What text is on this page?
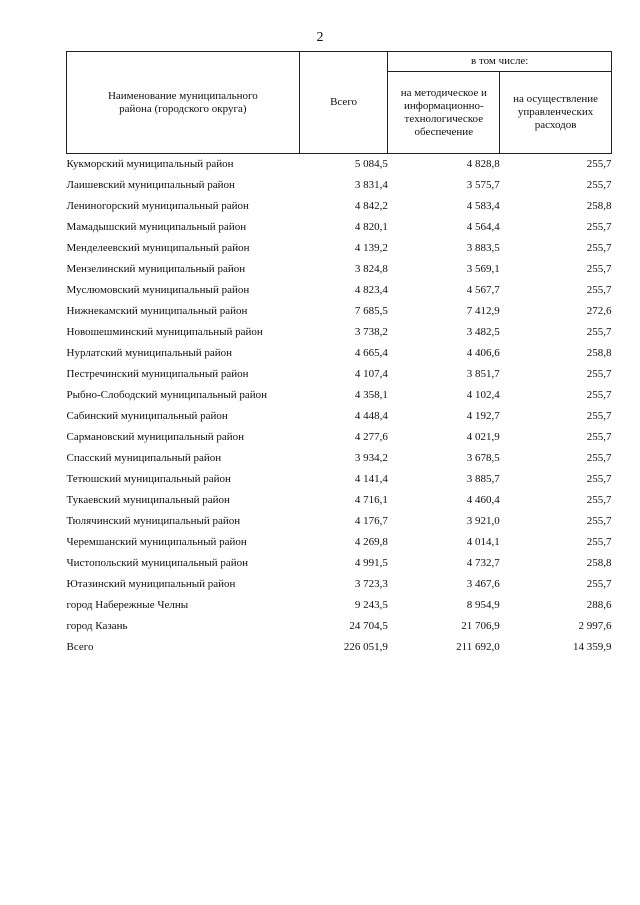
2
Наименование муниципального района (городского округа)	Всего	в том числе:	
		на методическое и информационно-технологическое обеспечение	на осуществление управленческих расходов
Кукморский муниципальный район	5 084,5	4 828,8	255,7
Лаишевский муниципальный район	3 831,4	3 575,7	255,7
Лениногорский муниципальный район	4 842,2	4 583,4	258,8
Мамадышский муниципальный район	4 820,1	4 564,4	255,7
Менделеевский муниципальный район	4 139,2	3 883,5	255,7
Мензелинский муниципальный район	3 824,8	3 569,1	255,7
Муслюмовский муниципальный район	4 823,4	4 567,7	255,7
Нижнекамский муниципальный район	7 685,5	7 412,9	272,6
Новошешминский муниципальный район	3 738,2	3 482,5	255,7
Нурлатский муниципальный район	4 665,4	4 406,6	258,8
Пестречинский муниципальный район	4 107,4	3 851,7	255,7
Рыбно-Слободский муниципальный район	4 358,1	4 102,4	255,7
Сабинский муниципальный район	4 448,4	4 192,7	255,7
Сармановский муниципальный район	4 277,6	4 021,9	255,7
Спасский муниципальный район	3 934,2	3 678,5	255,7
Тетюшский муниципальный район	4 141,4	3 885,7	255,7
Тукаевский муниципальный район	4 716,1	4 460,4	255,7
Тюлячинский муниципальный район	4 176,7	3 921,0	255,7
Черемшанский муниципальный район	4 269,8	4 014,1	255,7
Чистопольский муниципальный район	4 991,5	4 732,7	258,8
Ютазинский муниципальный район	3 723,3	3 467,6	255,7
город Набережные Челны	9 243,5	8 954,9	288,6
город Казань	24 704,5	21 706,9	2 997,6
Всего	226 051,9	211 692,0	14 359,9
